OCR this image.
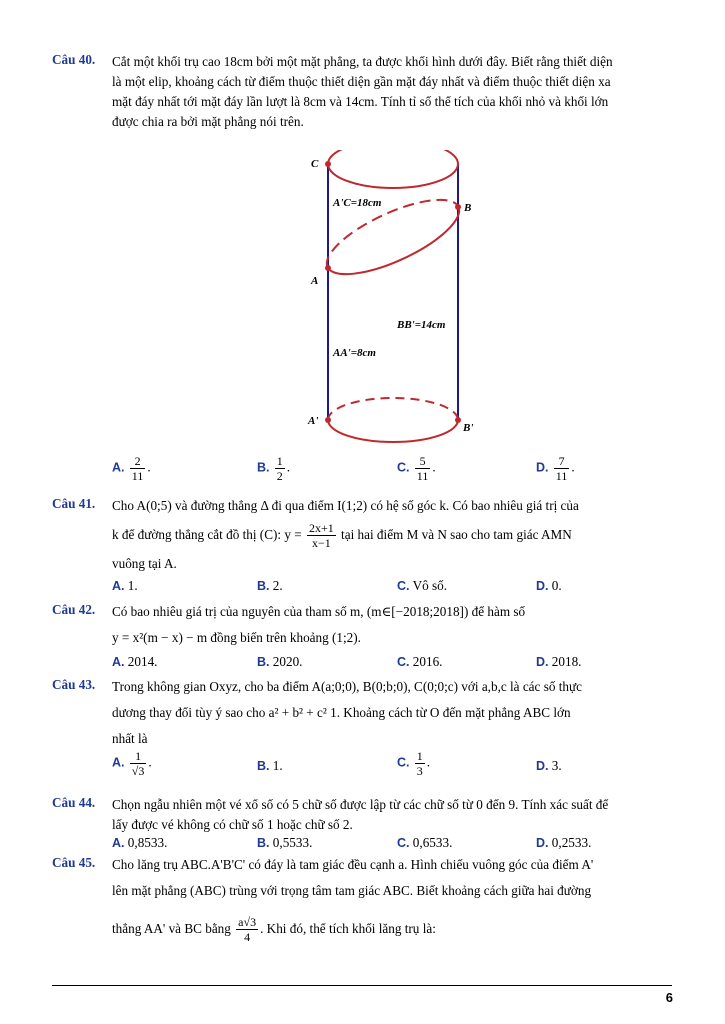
Câu 40.	Cắt một khối trụ cao 18cm bởi một mặt phẳng, ta được khối hình dưới đây. Biết rằng thiết diện
là một elip, khoảng cách từ điểm thuộc thiết diện gần mặt đáy nhất và điểm thuộc thiết diện xa
mặt đáy nhất tới mặt đáy lần lượt là 8cm và 14cm. Tính tỉ số thể tích của khối nhỏ và khối lớn
được chia ra bởi mặt phẳng nói trên.
C
B
A
A'
B'
A'C=18cm
BB'=14cm
AA'=8cm
A. $\frac{2}{11}$ .	B. $\frac{1}{2}$ .	C. $\frac{5}{11}$ .	D. $\frac{7}{11}$ .
Câu 41.	Cho A(0;5) và đường thẳng Δ đi qua điểm I(1;2) có hệ số góc k. Có bao nhiêu giá trị của
k để đường thẳng cắt đồ thị (C): $y = \frac{2x+1}{x-1}$ tại hai điểm M và N sao cho tam giác AMN
vuông tại A.
A. 1.	B. 2.	C. Vô số.	D. 0.
Câu 42.	Có bao nhiêu giá trị của nguyên của tham số m, (m∈[−2018;2018]) để hàm số
y = x²(m − x) − m đồng biến trên khoảng (1;2).
A. 2014.	B. 2020.	C. 2016.	D. 2018.
Câu 43.	Trong không gian Oxyz, cho ba điểm A(a;0;0), B(0;b;0), C(0;0;c) với a,b,c là các số thực
dương thay đổi tùy ý sao cho a² + b² + c² 1. Khoảng cách từ O đến mặt phẳng ABC lớn
nhất là
A. $\frac{1}{√3}$ .	B. 1.	C. $\frac{1}{3}$ .	D. 3.
Câu 44.	Chọn ngẫu nhiên một vé xổ số có 5 chữ số được lập từ các chữ số từ 0 đến 9. Tính xác suất để
lấy được vé không có chữ số 1 hoặc chữ số 2.
A. 0,8533.	B. 0,5533.	C. 0,6533.	D. 0,2533.
Câu 45.	Cho lăng trụ ABC.A'B'C' có đáy là tam giác đều cạnh a. Hình chiếu vuông góc của điểm A'
lên mặt phẳng (ABC) trùng với trọng tâm tam giác ABC. Biết khoảng cách giữa hai đường
thẳng AA' và BC bằng $\frac{a√3}{4}$ . Khi đó, thể tích khối lăng trụ là:
6
